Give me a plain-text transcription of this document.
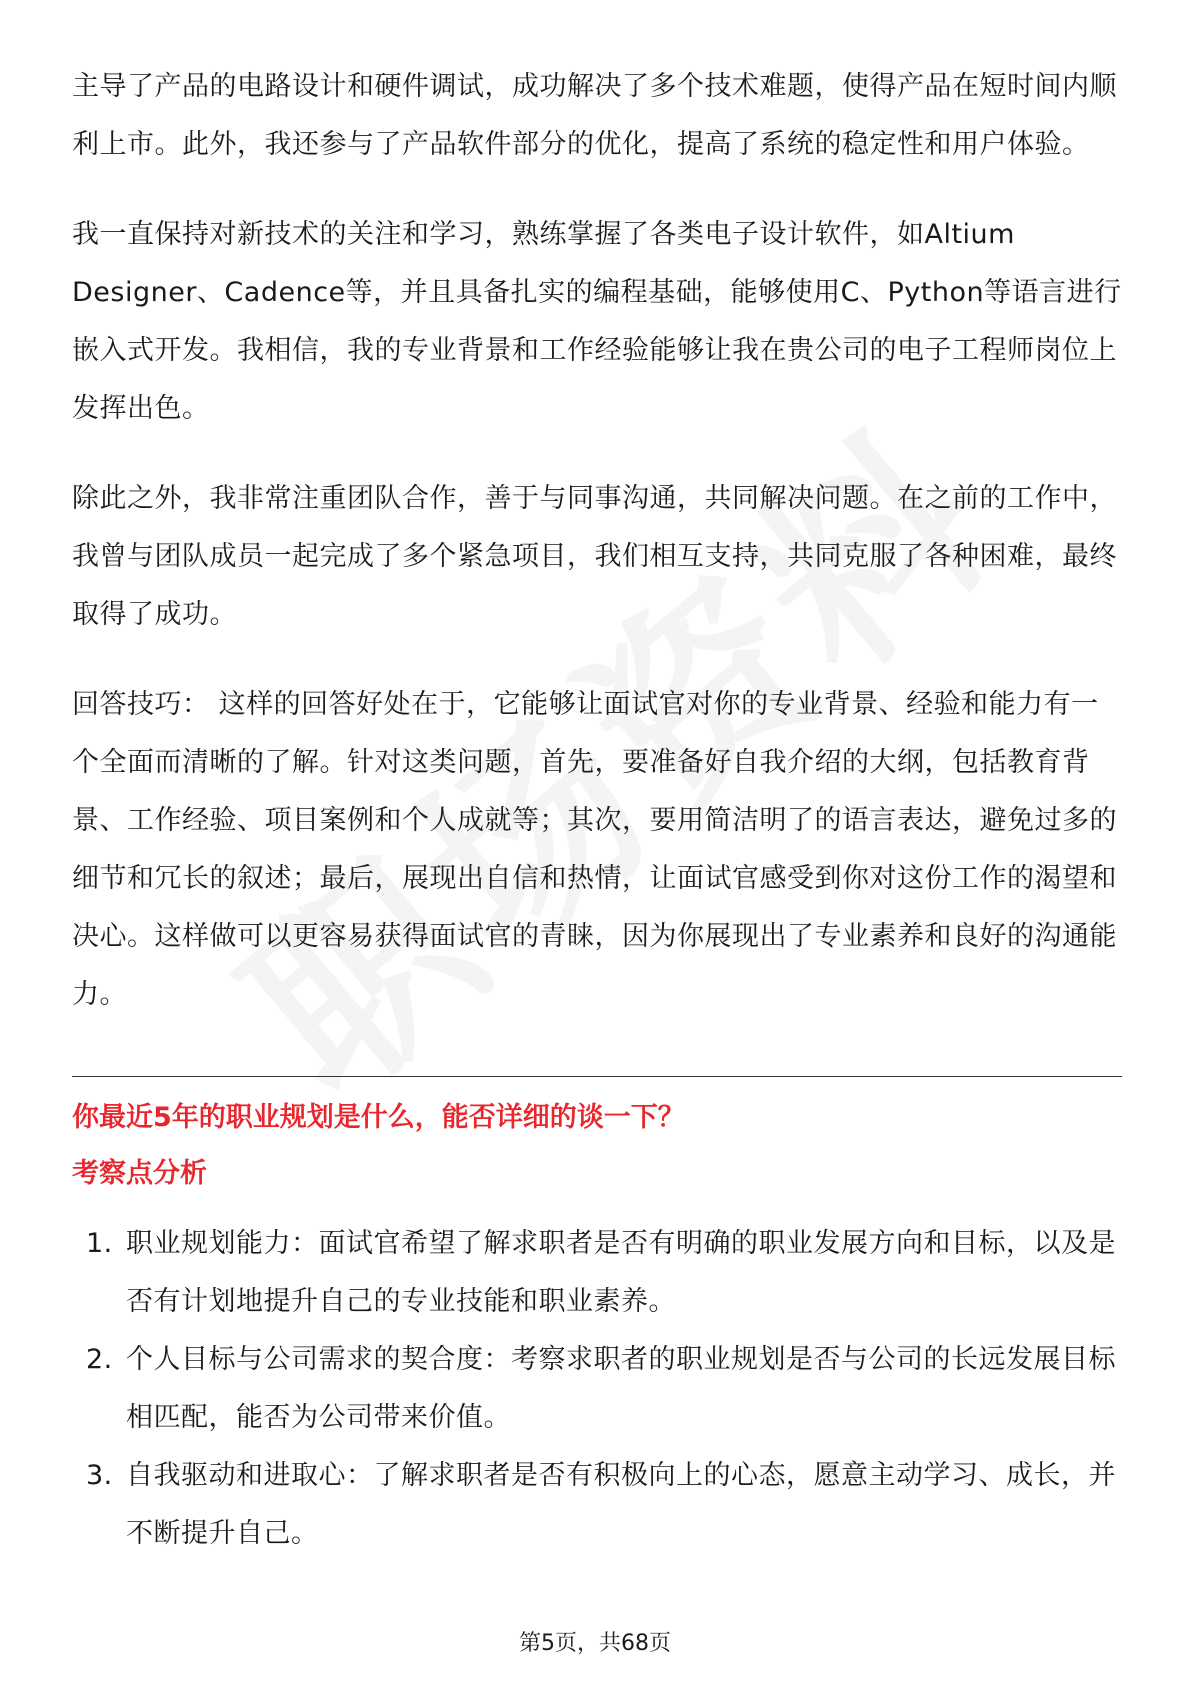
主导了产品的电路设计和硬件调试，成功解决了多个技术难题，使得产品在短时间内顺利上市。此外，我还参与了产品软件部分的优化，提高了系统的稳定性和用户体验。

我一直保持对新技术的关注和学习，熟练掌握了各类电子设计软件，如Altium Designer、Cadence等，并且具备扎实的编程基础，能够使用C、Python等语言进行嵌入式开发。我相信，我的专业背景和工作经验能够让我在贵公司的电子工程师岗位上发挥出色。

除此之外，我非常注重团队合作，善于与同事沟通，共同解决问题。在之前的工作中，我曾与团队成员一起完成了多个紧急项目，我们相互支持，共同克服了各种困难，最终取得了成功。

回答技巧： 这样的回答好处在于，它能够让面试官对你的专业背景、经验和能力有一个全面而清晰的了解。针对这类问题，首先，要准备好自我介绍的大纲，包括教育背景、工作经验、项目案例和个人成就等；其次，要用简洁明了的语言表达，避免过多的细节和冗长的叙述；最后，展现出自信和热情，让面试官感受到你对这份工作的渴望和决心。这样做可以更容易获得面试官的青睐，因为你展现出了专业素养和良好的沟通能力。

你最近5年的职业规划是什么，能否详细的谈一下？

考察点分析

1. 职业规划能力：面试官希望了解求职者是否有明确的职业发展方向和目标，以及是否有计划地提升自己的专业技能和职业素养。
2. 个人目标与公司需求的契合度：考察求职者的职业规划是否与公司的长远发展目标相匹配，能否为公司带来价值。
3. 自我驱动和进取心：了解求职者是否有积极向上的心态，愿意主动学习、成长，并不断提升自己。
第5页，共68页
